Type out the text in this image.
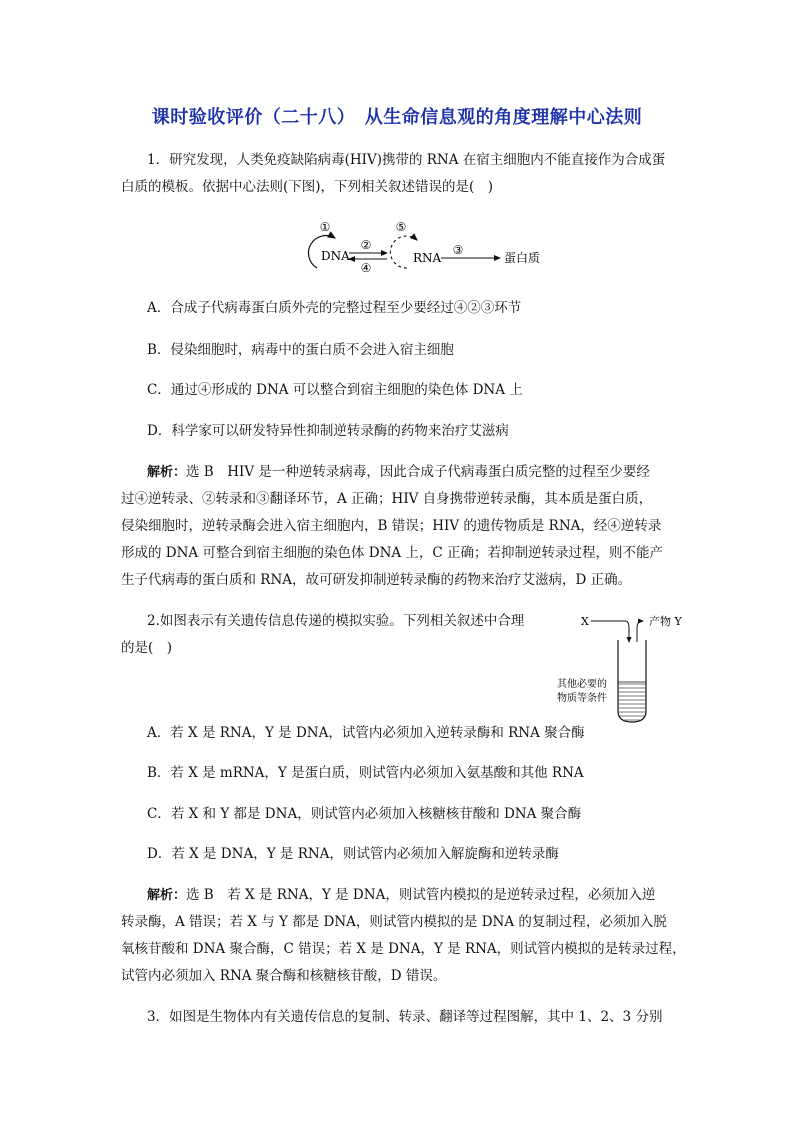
课时验收评价（二十八）　从生命信息观的角度理解中心法则
1．研究发现，人类免疫缺陷病毒(HIV)携带的 RNA 在宿主细胞内不能直接作为合成蛋
白质的模板。依据中心法则(下图)，下列相关叙述错误的是(　)
①
DNA
②
④
⑤
RNA
③
蛋白质
A．合成子代病毒蛋白质外壳的完整过程至少要经过④②③环节
B．侵染细胞时，病毒中的蛋白质不会进入宿主细胞
C．通过④形成的 DNA 可以整合到宿主细胞的染色体 DNA 上
D．科学家可以研发特异性抑制逆转录酶的药物来治疗艾滋病
解析：选 B　HIV 是一种逆转录病毒，因此合成子代病毒蛋白质完整的过程至少要经
过④逆转录、②转录和③翻译环节，A 正确；HIV 自身携带逆转录酶，其本质是蛋白质，
侵染细胞时，逆转录酶会进入宿主细胞内，B 错误；HIV 的遗传物质是 RNA，经④逆转录
形成的 DNA 可整合到宿主细胞的染色体 DNA 上，C 正确；若抑制逆转录过程，则不能产
生子代病毒的蛋白质和 RNA，故可研发抑制逆转录酶的药物来治疗艾滋病，D 正确。
2.如图表示有关遗传信息传递的模拟实验。下列相关叙述中合理
的是(　)
X	产物 Y
其他必要的
物质等条件
A．若 X 是 RNA，Y 是 DNA，试管内必须加入逆转录酶和 RNA 聚合酶
B．若 X 是 mRNA，Y 是蛋白质，则试管内必须加入氨基酸和其他 RNA
C．若 X 和 Y 都是 DNA，则试管内必须加入核糖核苷酸和 DNA 聚合酶
D．若 X 是 DNA，Y 是 RNA，则试管内必须加入解旋酶和逆转录酶
解析：选 B　若 X 是 RNA，Y 是 DNA，则试管内模拟的是逆转录过程，必须加入逆
转录酶，A 错误；若 X 与 Y 都是 DNA，则试管内模拟的是 DNA 的复制过程，必须加入脱
氧核苷酸和 DNA 聚合酶，C 错误；若 X 是 DNA，Y 是 RNA，则试管内模拟的是转录过程，
试管内必须加入 RNA 聚合酶和核糖核苷酸，D 错误。
3．如图是生物体内有关遗传信息的复制、转录、翻译等过程图解，其中 1、2、3 分别
